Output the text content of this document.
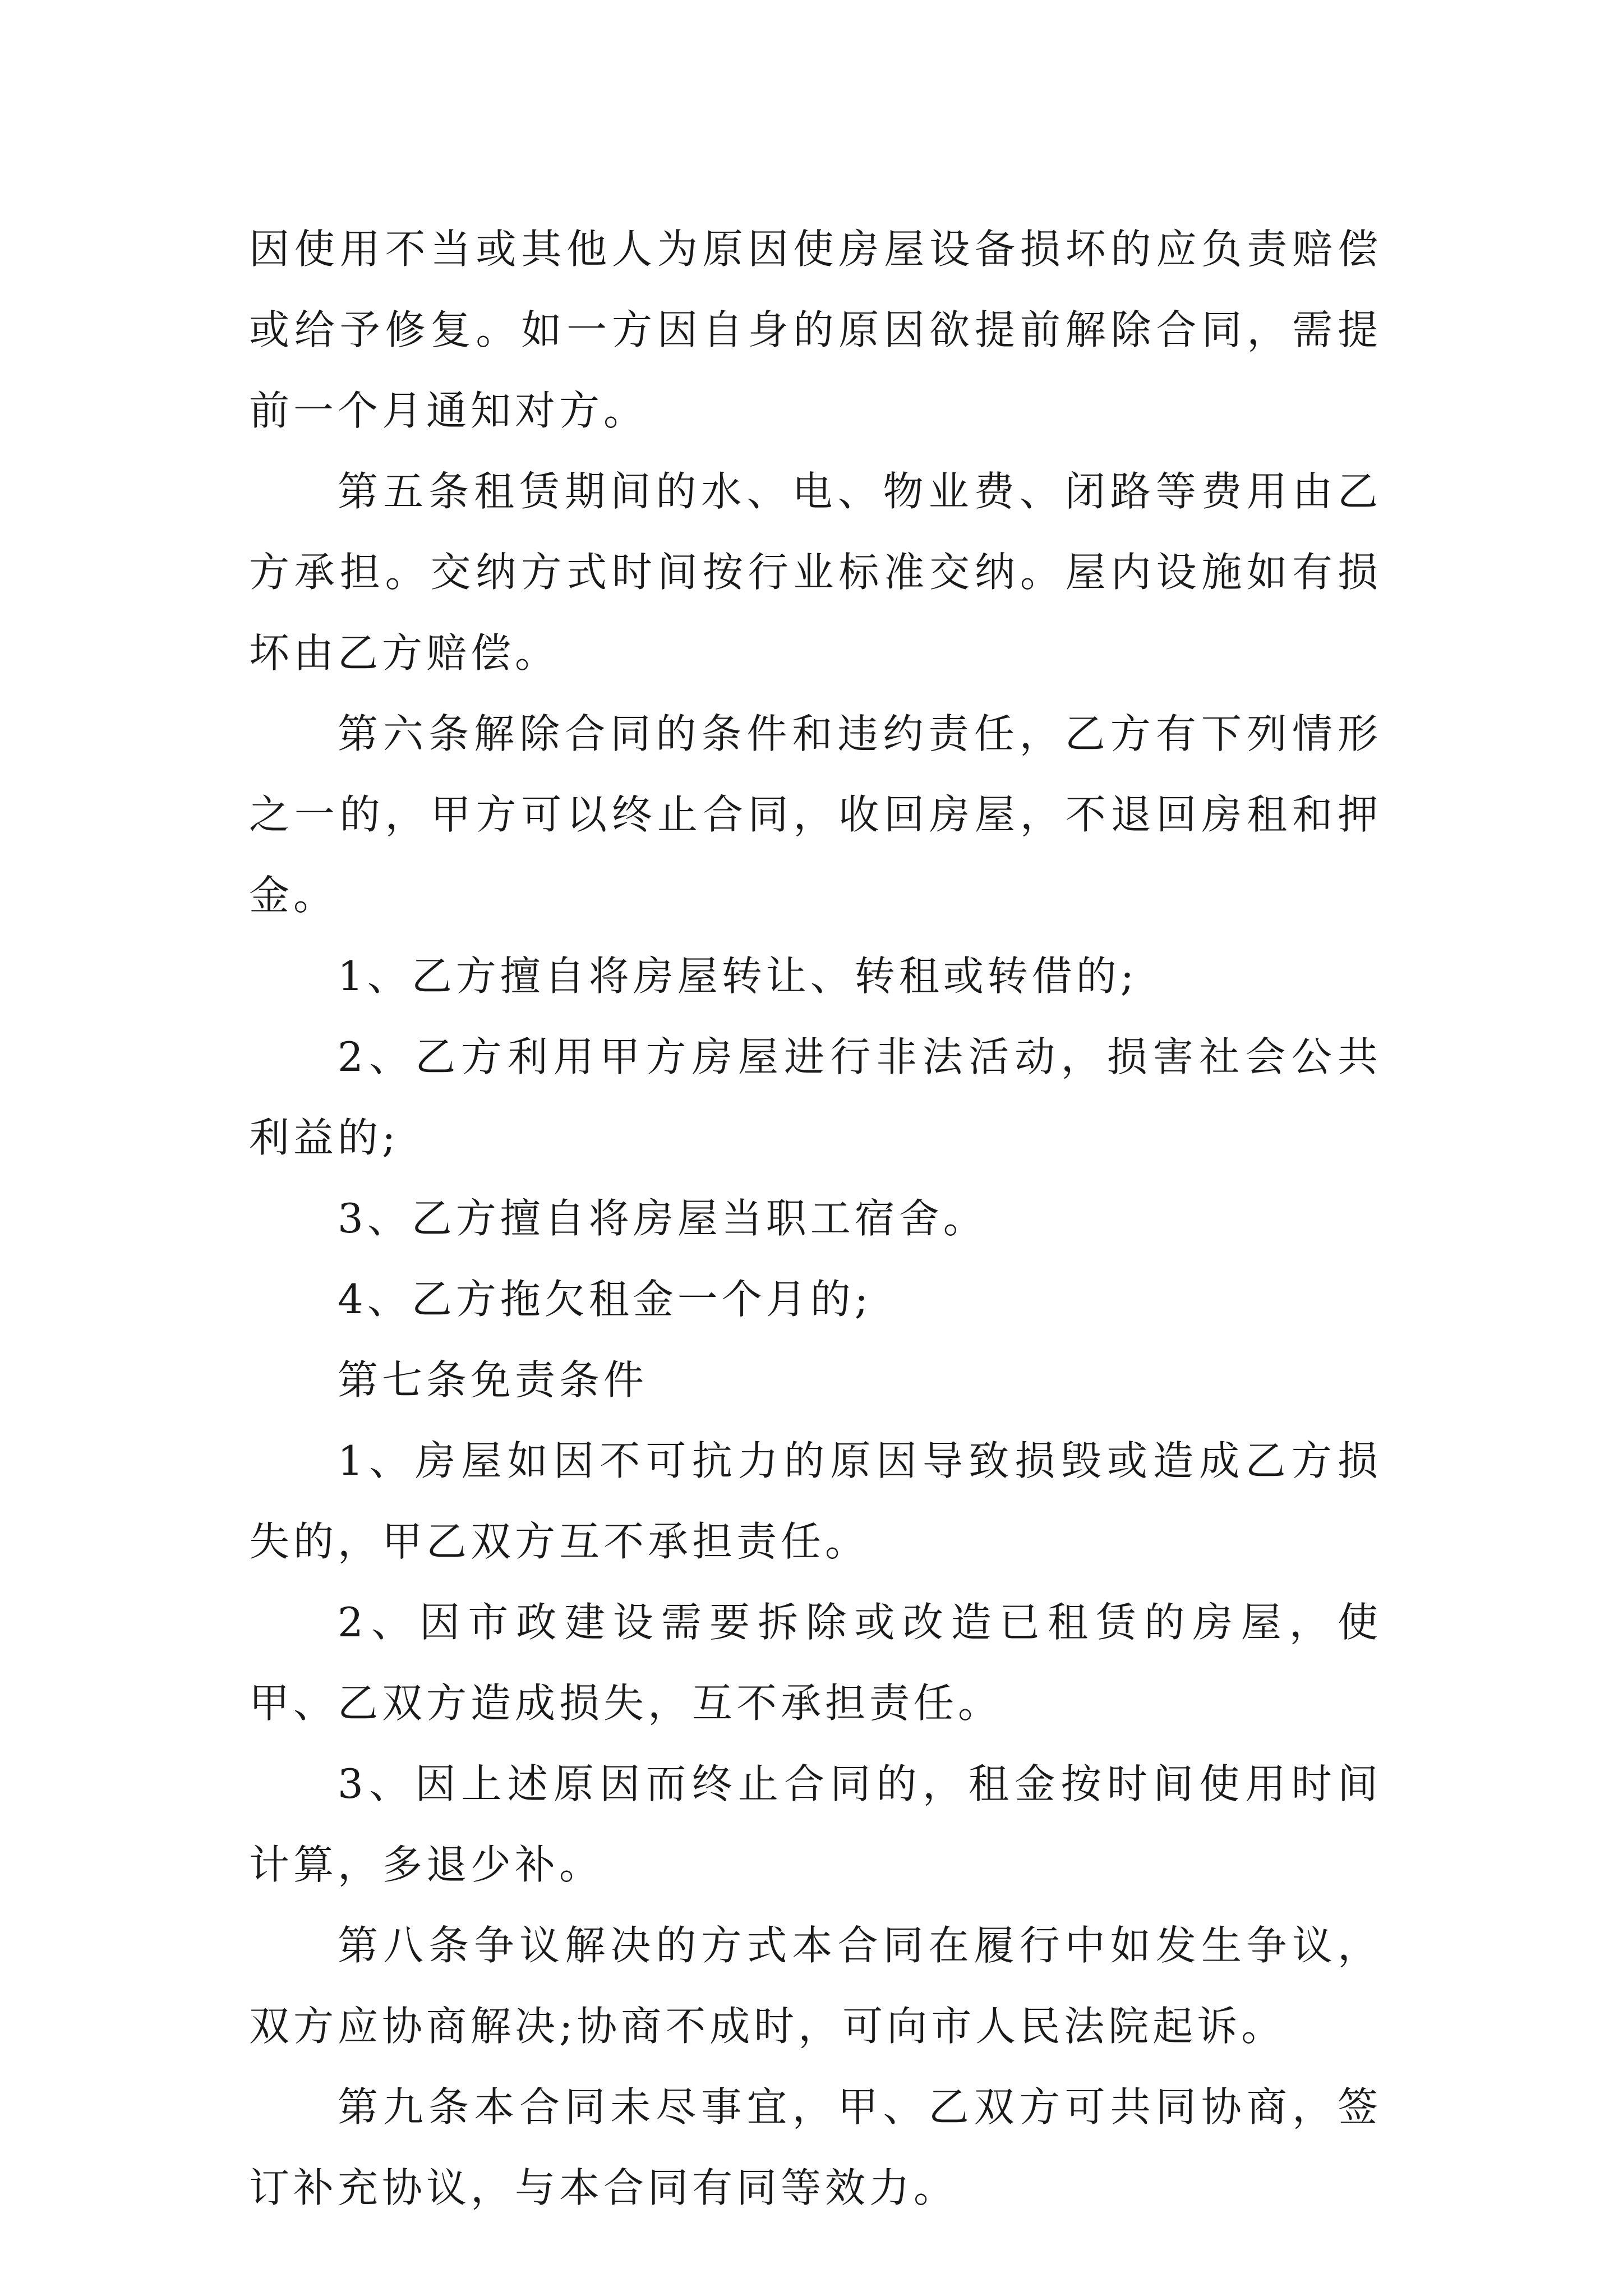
因使用不当或其他人为原因使房屋设备损坏的应负责赔偿或给予修复。如一方因自身的原因欲提前解除合同，需提前一个月通知对方。

第五条租赁期间的水、电、物业费、闭路等费用由乙方承担。交纳方式时间按行业标准交纳。屋内设施如有损坏由乙方赔偿。

第六条解除合同的条件和违约责任，乙方有下列情形之一的，甲方可以终止合同，收回房屋，不退回房租和押金。

1、乙方擅自将房屋转让、转租或转借的;

2、乙方利用甲方房屋进行非法活动，损害社会公共利益的;

3、乙方擅自将房屋当职工宿舍。

4、乙方拖欠租金一个月的;

第七条免责条件

1、房屋如因不可抗力的原因导致损毁或造成乙方损失的，甲乙双方互不承担责任。

2、因市政建设需要拆除或改造已租赁的房屋，使甲、乙双方造成损失，互不承担责任。

3、因上述原因而终止合同的，租金按时间使用时间计算，多退少补。

第八条争议解决的方式本合同在履行中如发生争议，双方应协商解决;协商不成时，可向市人民法院起诉。

第九条本合同未尽事宜，甲、乙双方可共同协商，签订补充协议，与本合同有同等效力。
